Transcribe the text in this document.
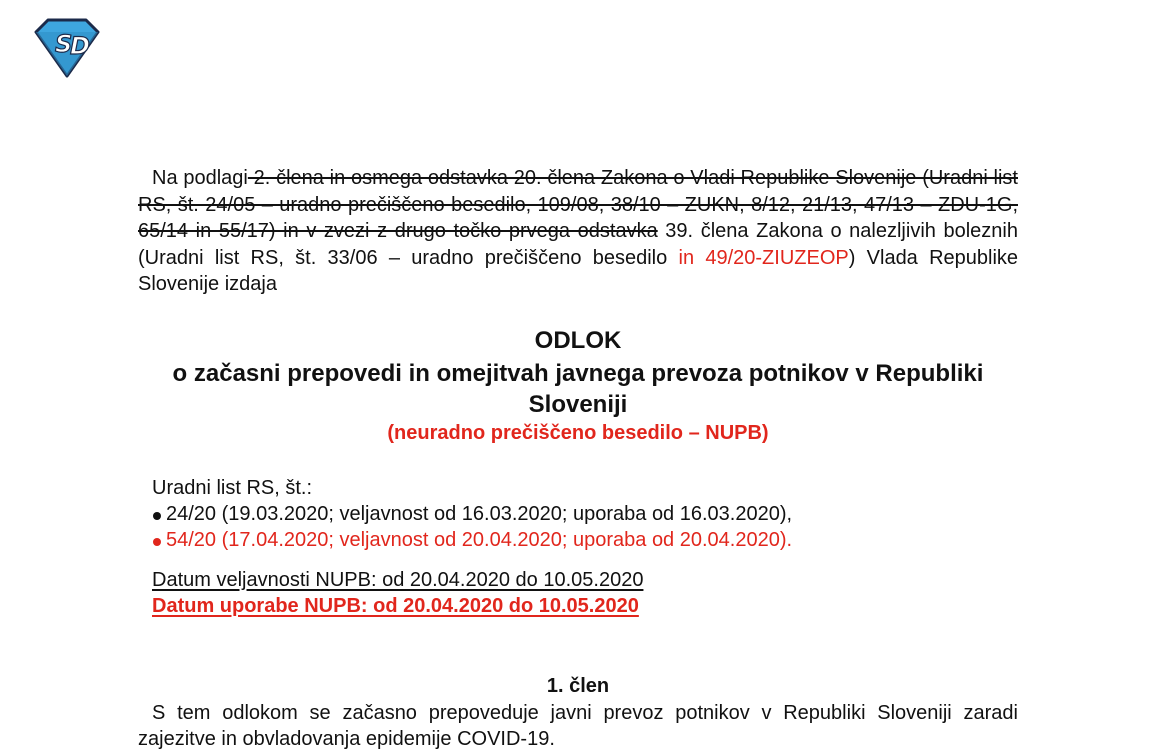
S
D

Na podlagi 2. člena in osmega odstavka 20. člena Zakona o Vladi Republike Slovenije (Uradni list RS, št. 24/05 – uradno prečiščeno besedilo, 109/08, 38/10 – ZUKN, 8/12, 21/13, 47/13 – ZDU-1G, 65/14 in 55/17) in v zvezi z drugo točko prvega odstavka 39. člena Zakona o nalezljivih boleznih (Uradni list RS, št. 33/06 – uradno prečiščeno besedilo in 49/20-ZIUZEOP) Vlada Republike Slovenije izdaja

ODLOK
o začasni prepovedi in omejitvah javnega prevoza potnikov v Republiki Sloveniji
(neuradno prečiščeno besedilo – NUPB)
Uradni list RS, št.:
24/20 (19.03.2020; veljavnost od 16.03.2020; uporaba od 16.03.2020),
54/20 (17.04.2020; veljavnost od 20.04.2020; uporaba od 20.04.2020).
Datum veljavnosti NUPB: od 20.04.2020 do 10.05.2020
Datum uporabe NUPB: od 20.04.2020 do 10.05.2020
1. člen

S tem odlokom se začasno prepoveduje javni prevoz potnikov v Republiki Sloveniji zaradi zajezitve in obvladovanja epidemije COVID-19.
